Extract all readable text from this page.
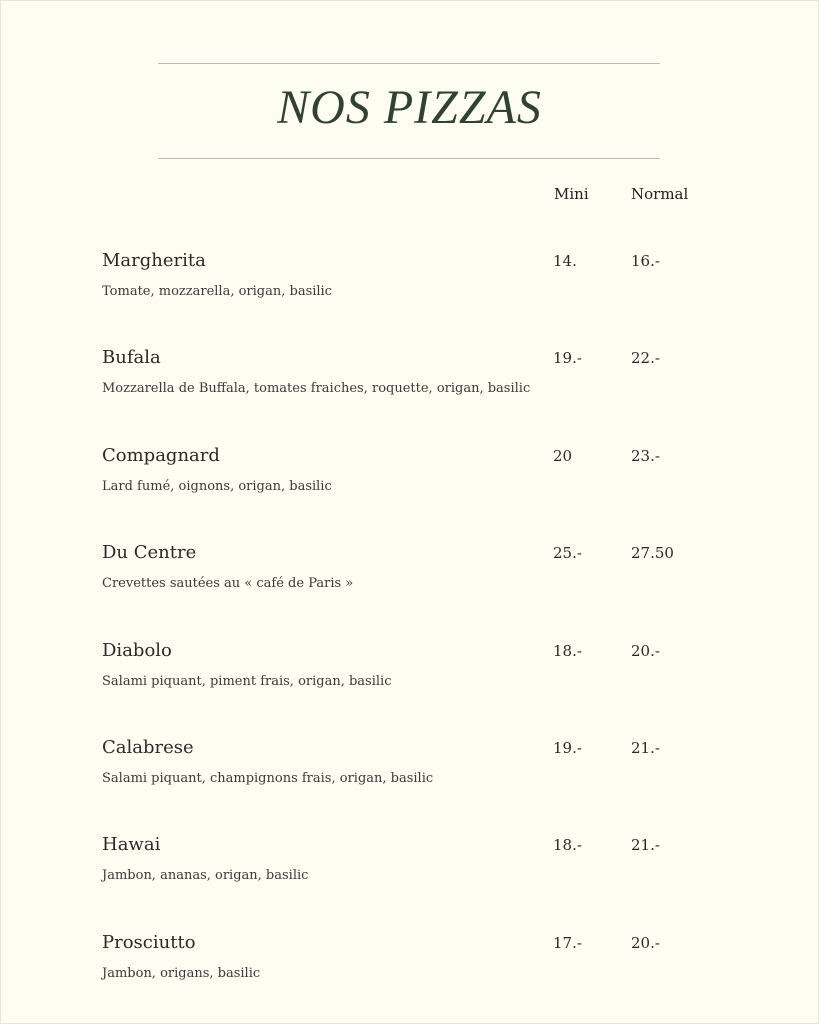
NOS PIZZAS
Mini	Normal
Margherita
Tomate, mozzarella, origan, basilic
14.	16.-
Bufala
Mozzarella de Buffala, tomates fraiches, roquette, origan, basilic
19.-	22.-
Compagnard
Lard fumé, oignons, origan, basilic
20	23.-
Du Centre
Crevettes sautées au « café de Paris »
25.-	27.50
Diabolo
Salami piquant, piment frais, origan, basilic
18.-	20.-
Calabrese
Salami piquant, champignons frais, origan, basilic
19.-	21.-
Hawai
Jambon, ananas, origan, basilic
18.-	21.-
Prosciutto
Jambon, origans, basilic
17.-	20.-
